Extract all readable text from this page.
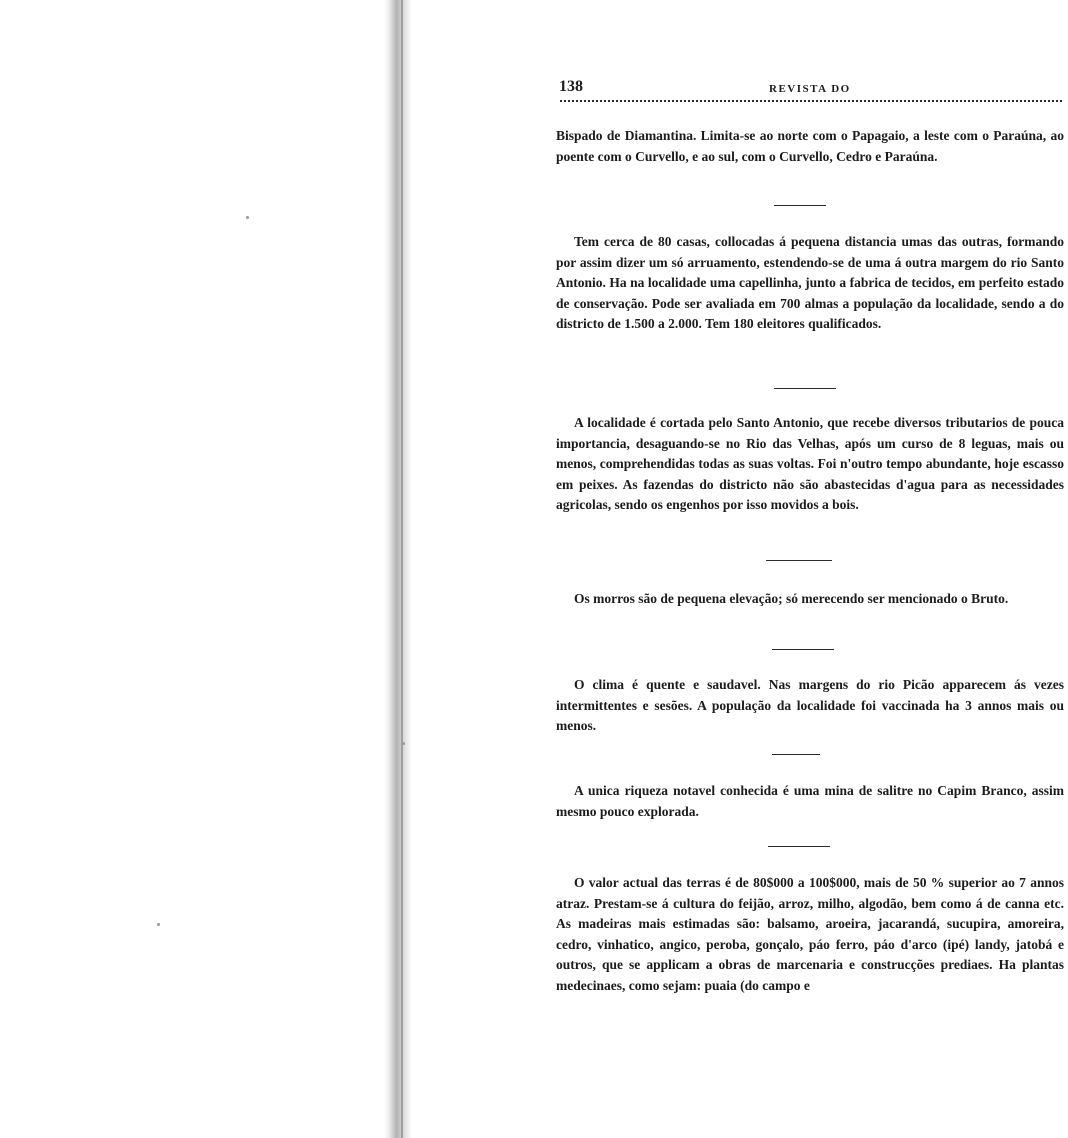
138	REVISTA DO

Bispado de Diamantina. Limita-se ao norte com o Papagaio, a leste com o Paraúna, ao poente com o Curvello, e ao sul, com o Curvello, Cedro e Paraúna.

Tem cerca de 80 casas, collocadas á pequena distancia umas das outras, formando por assim dizer um só arruamento, estendendo-se de uma á outra margem do rio Santo Antonio. Ha na localidade uma capellinha, junto a fabrica de tecidos, em perfeito estado de conservação. Pode ser avaliada em 700 almas a população da localidade, sendo a do districto de 1.500 a 2.000. Tem 180 eleitores qualificados.

A localidade é cortada pelo Santo Antonio, que recebe diversos tributarios de pouca importancia, desaguando-se no Rio das Velhas, após um curso de 8 leguas, mais ou menos, comprehendidas todas as suas voltas. Foi n'outro tempo abundante, hoje escasso em peixes. As fazendas do districto não são abastecidas d'agua para as necessidades agricolas, sendo os engenhos por isso movidos a bois.

Os morros são de pequena elevação; só merecendo ser mencionado o Bruto.

O clima é quente e saudavel. Nas margens do rio Picão apparecem ás vezes intermittentes e sesões. A população da localidade foi vaccinada ha 3 annos mais ou menos.

A unica riqueza notavel conhecida é uma mina de salitre no Capim Branco, assim mesmo pouco explorada.

O valor actual das terras é de 80$000 a 100$000, mais de 50 % superior ao 7 annos atraz. Prestam-se á cultura do feijão, arroz, milho, algodão, bem como á de canna etc. As madeiras mais estimadas são: balsamo, aroeira, jacarandá, sucupira, amoreira, cedro, vinhatico, angico, peroba, gonçalo, páo ferro, páo d'arco (ipé) landy, jatobá e outros, que se applicam a obras de marcenaria e construcções prediaes. Ha plantas medecinaes, como sejam: puaia (do campo e
